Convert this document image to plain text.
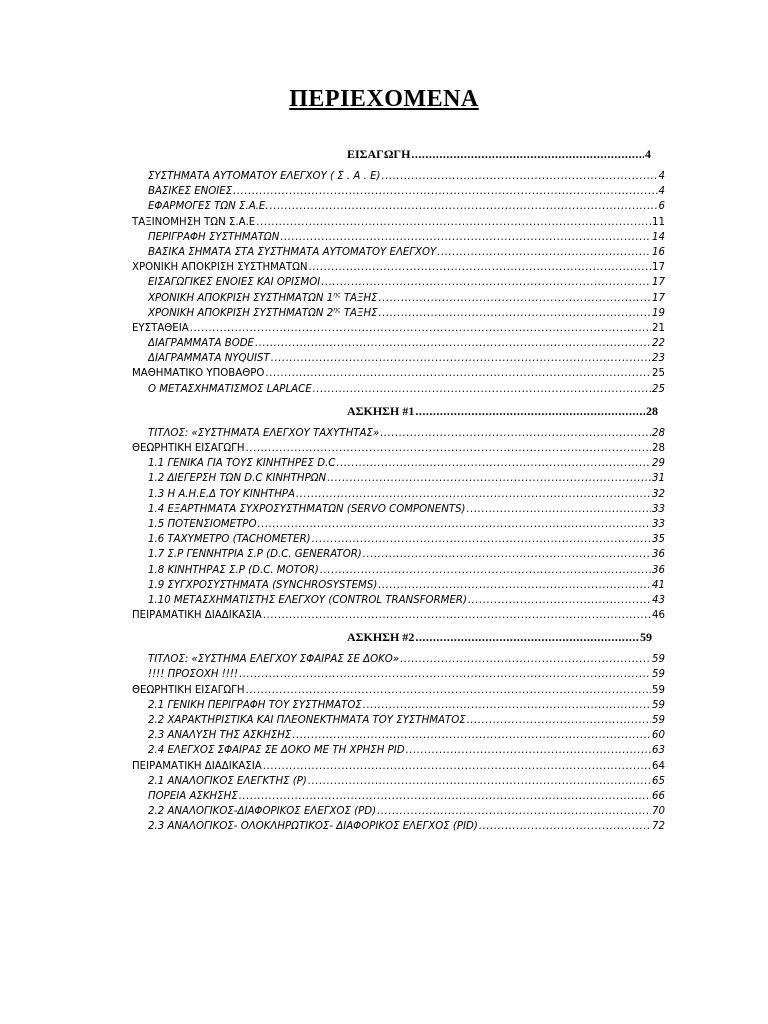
ΠΕΡΙΕΧΟΜΕΝΑ
ΕΙΣΑΓΩΓΗ .....	4
ΣΥΣΤΗΜΑΤΑ ΑΥΤΟΜΑΤΟΥ ΕΛΕΓΧΟΥ ( Σ . Α . Ε) .....	4
ΒΑΣΙΚΕΣ ΕΝΟΙΕΣ .....	4
ΕΦΑΡΜΟΓΕΣ ΤΩΝ Σ.Α.Ε. .....	6
ΤΑΞΙΝΟΜΗΣΗ ΤΩΝ Σ.Α.Ε .....	11
ΠΕΡΙΓΡΑΦΗ ΣΥΣΤΗΜΑΤΩΝ .....	14
ΒΑΣΙΚΑ ΣΗΜΑΤΑ ΣΤΑ ΣΥΣΤΗΜΑΤΑ ΑΥΤΟΜΑΤΟΥ ΕΛΕΓΧΟΥ .....	16
ΧΡΟΝΙΚΗ ΑΠΟΚΡΙΣΗ ΣΥΣΤΗΜΑΤΩΝ .....	17
ΕΙΣΑΓΩΓΙΚΕΣ ΕΝΟΙΕΣ ΚΑΙ ΟΡΙΣΜΟΙ .....	17
ΧΡΟΝΙΚΗ ΑΠΟΚΡΙΣΗ ΣΥΣΤΗΜΑΤΩΝ $1^{\eta\varsigma}$ ΤΑΞΗΣ .....	17
ΧΡΟΝΙΚΗ ΑΠΟΚΡΙΣΗ ΣΥΣΤΗΜΑΤΩΝ $2^{\eta\varsigma}$ ΤΑΞΗΣ .....	19
ΕΥΣΤΑΘΕΙΑ .....	21
ΔΙΑΓΡΑΜΜΑΤΑ BODE .....	22
ΔΙΑΓΡΑΜΜΑΤΑ NYQUIST .....	23
ΜΑΘΗΜΑΤΙΚΟ ΥΠΟΒΑΘΡΟ .....	25
Ο ΜΕΤΑΣΧΗΜΑΤΙΣΜΟΣ LAPLACE .....	25
ΑΣΚΗΣΗ #1 .....	28
ΤΙΤΛΟΣ: «ΣΥΣΤΗΜΑΤΑ ΕΛΕΓΧΟΥ ΤΑΧΥΤΗΤΑΣ» .....	28
ΘΕΩΡΗΤΙΚΗ ΕΙΣΑΓΩΓΗ .....	28
1.1 ΓΕΝΙΚΑ ΓΙΑ ΤΟΥΣ ΚΙΝΗΤΗΡΕΣ D.C .....	29
1.2 ΔΙΕΓΕΡΣΗ ΤΩΝ D.C ΚΙΝΗΤΗΡΩΝ .....	31
1.3 Η Α.Η.Ε.Δ ΤΟΥ ΚΙΝΗΤΗΡΑ .....	32
1.4 ΕΞΑΡΤΗΜΑΤΑ ΣΥΧΡΟΣΥΣΤΗΜΑΤΩΝ (SERVO COMPONENTS) .....	33
1.5 ΠΟΤΕΝΣΙΟΜΕΤΡΟ .....	33
1.6 ΤΑΧΥΜΕΤΡΟ (TACHOMETER) .....	35
1.7 Σ.Ρ ΓΕΝΝΗΤΡΙΑ Σ.Ρ (D.C. GENERATOR) .....	36
1.8 ΚΙΝΗΤΗΡΑΣ Σ.Ρ (D.C. MOTOR) .....	36
1.9 ΣΥΓΧΡΟΣΥΣΤΗΜΑΤΑ (SYNCHROSYSTEMS) .....	41
1.10 ΜΕΤΑΣΧΗΜΑΤΙΣΤΗΣ ΕΛΕΓΧΟΥ (CONTROL TRANSFORMER) .....	43
ΠΕΙΡΑΜΑΤΙΚΗ ΔΙΑΔΙΚΑΣΙΑ .....	46
ΑΣΚΗΣΗ #2 .....	59
ΤΙΤΛΟΣ: «ΣΥΣΤΗΜΑ ΕΛΕΓΧΟΥ ΣΦΑΙΡΑΣ ΣΕ ΔΟΚΟ» .....	59
!!!! ΠΡΟΣΟΧΗ !!!! .....	59
ΘΕΩΡΗΤΙΚΗ ΕΙΣΑΓΩΓΗ .....	59
2.1 ΓΕΝΙΚΗ ΠΕΡΙΓΡΑΦΗ ΤΟΥ ΣΥΣΤΗΜΑΤΟΣ .....	59
2.2 ΧΑΡΑΚΤΗΡΙΣΤΙΚΑ ΚΑΙ ΠΛΕΟΝΕΚΤΗΜΑΤΑ ΤΟΥ ΣΥΣΤΗΜΑΤΟΣ .....	59
2.3 ΑΝΑΛΥΣΗ ΤΗΣ ΑΣΚΗΣΗΣ .....	60
2.4 ΕΛΕΓΧΟΣ ΣΦΑΙΡΑΣ ΣΕ ΔΟΚΟ ΜΕ ΤΗ ΧΡΗΣΗ PID .....	63
ΠΕΙΡΑΜΑΤΙΚΗ ΔΙΑΔΙΚΑΣΙΑ .....	64
2.1 ΑΝΑΛΟΓΙΚΟΣ ΕΛΕΓΚΤΗΣ (P) .....	65
ΠΟΡΕΙΑ ΑΣΚΗΣΗΣ .....	66
2.2 ΑΝΑΛΟΓΙΚΟΣ-ΔΙΑΦΟΡΙΚΟΣ ΕΛΕΓΧΟΣ (PD) .....	70
2.3 ΑΝΑΛΟΓΙΚΟΣ- ΟΛΟΚΛΗΡΩΤΙΚΟΣ- ΔΙΑΦΟΡΙΚΟΣ ΕΛΕΓΧΟΣ (PID) .....	72
